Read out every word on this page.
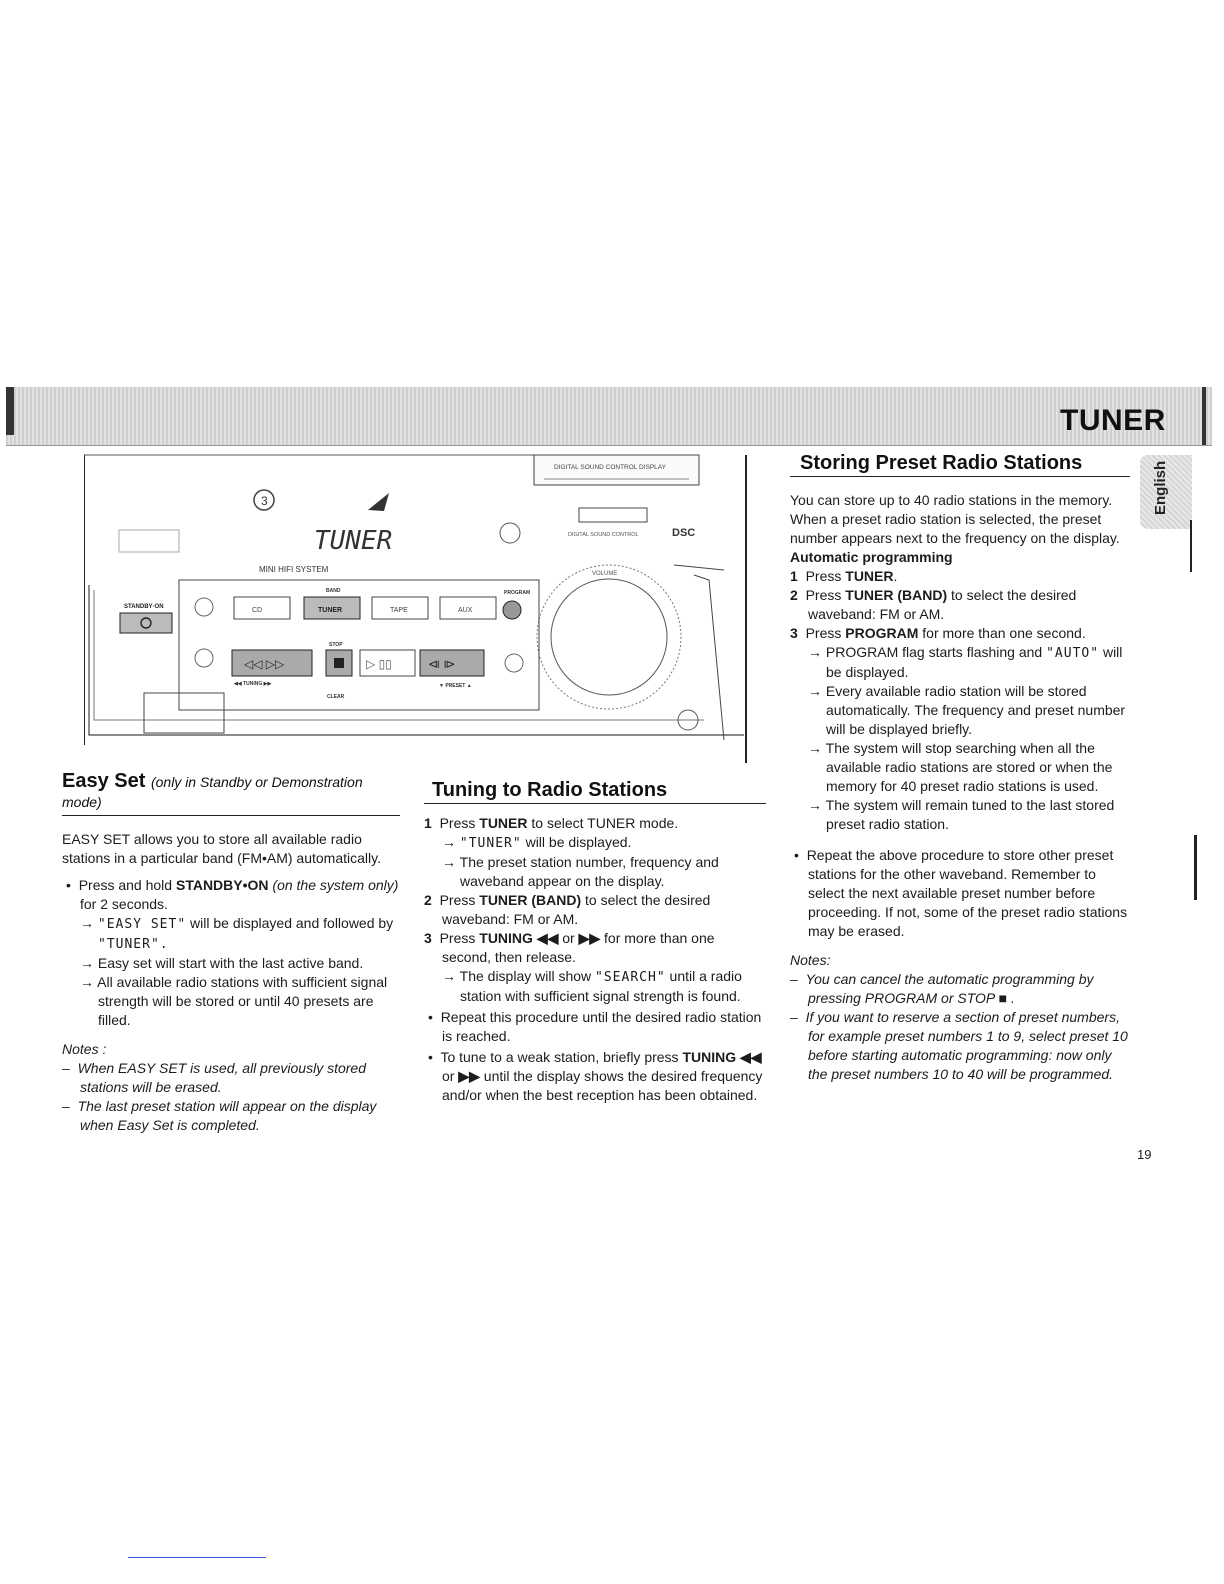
TUNER
English
3
TUNER
MINI HIFI SYSTEM
DIGITAL SOUND CONTROL DISPLAY
DSC
DIGITAL SOUND CONTROL
VOLUME
STANDBY·ON
BAND	PROGRAM
CD	TUNER	TAPE	AUX
STOP
◁◁ ▷▷	▷ ▯▯	⧏ ⧐
◀◀ TUNING ▶▶
CLEAR
▼ PRESET ▲
Easy Set (only in Standby or Demonstration mode)

EASY SET allows you to store all available radio stations in a particular band (FM•AM) automatically.

•  Press and hold STANDBY•ON (on the system only) for 2 seconds.

→ "EASY SET" will be displayed and followed by "TUNER".

→ Easy set will start with the last active band.

→ All available radio stations with sufficient signal strength will be stored or until 40 presets are filled.

Notes :

–  When EASY SET is used, all previously stored stations will be erased.

–  The last preset station will appear on the display when Easy Set is completed.

Tuning to Radio Stations

1 Press TUNER to select TUNER mode.

→ "TUNER" will be displayed.

→ The preset station number, frequency and waveband appear on the display.

2 Press TUNER (BAND) to select the desired waveband: FM or AM.

3 Press TUNING ◀◀ or ▶▶ for more than one second, then release.

→ The display will show "SEARCH" until a radio station with sufficient signal strength is found.

•  Repeat this procedure until the desired radio station is reached.

•  To tune to a weak station, briefly press TUNING ◀◀ or ▶▶ until the display shows the desired frequency and/or when the best reception has been obtained.

Storing Preset Radio Stations

You can store up to 40 radio stations in the memory. When a preset radio station is selected, the preset number appears next to the frequency on the display.

Automatic programming

1 Press TUNER.

2 Press TUNER (BAND) to select the desired waveband: FM or AM.

3 Press PROGRAM for more than one second.

→ PROGRAM flag starts flashing and "AUTO" will be displayed.

→ Every available radio station will be stored automatically. The frequency and preset number will be displayed briefly.

→ The system will stop searching when all the available radio stations are stored or when the memory for 40 preset radio stations is used.

→ The system will remain tuned to the last stored preset radio station.

•  Repeat the above procedure to store other preset stations for the other waveband. Remember to select the next available preset number before proceeding. If not, some of the preset radio stations may be erased.

Notes:

–  You can cancel the automatic programming by pressing PROGRAM or STOP ■ .

–  If you want to reserve a section of preset numbers, for example preset numbers 1 to 9, select preset 10 before starting automatic programming: now only the preset numbers 10 to 40 will be programmed.

19
